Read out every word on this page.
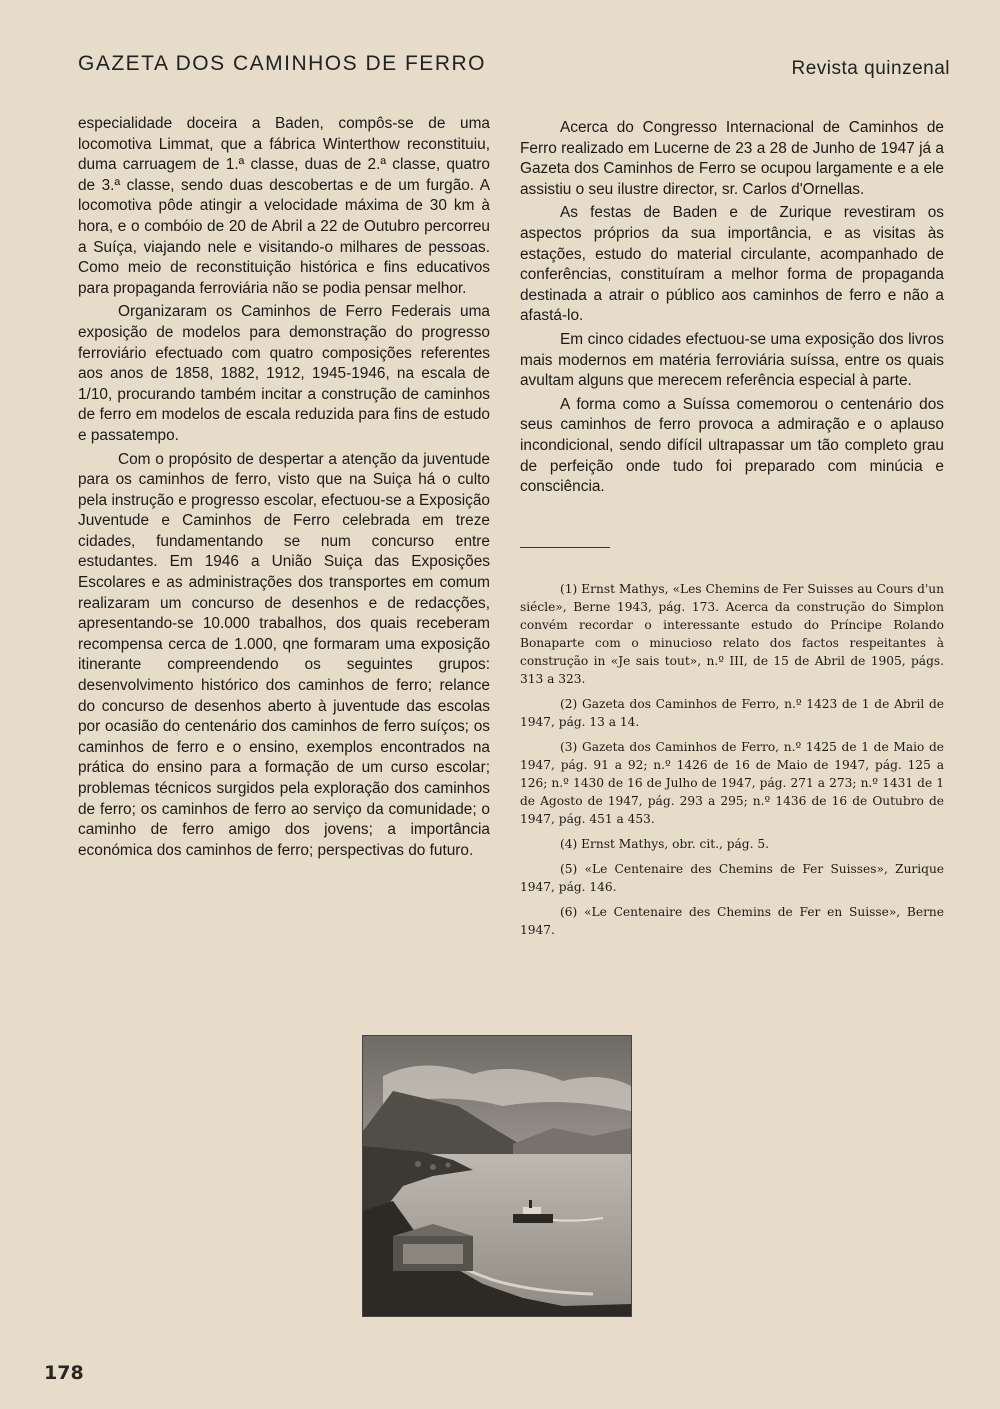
GAZETA DOS CAMINHOS DE FERRO	Revista quinzenal

especialidade doceira a Baden, compôs-se de uma locomotiva Limmat, que a fábrica Winterthow reconstituiu, duma carruagem de 1.ª classe, duas de 2.ª classe, quatro de 3.ª classe, sendo duas descobertas e de um furgão. A locomotiva pôde atingir a velocidade máxima de 30 km à hora, e o combóio de 20 de Abril a 22 de Outubro percorreu a Suíça, viajando nele e visitando-o milhares de pessoas. Como meio de reconstituição histórica e fins educativos para propaganda ferroviária não se podia pensar melhor.

Organizaram os Caminhos de Ferro Federais uma exposição de modelos para demonstração do progresso ferroviário efectuado com quatro composições referentes aos anos de 1858, 1882, 1912, 1945-1946, na escala de 1/10, procurando também incitar a construção de caminhos de ferro em modelos de escala reduzida para fins de estudo e passatempo.

Com o propósito de despertar a atenção da juventude para os caminhos de ferro, visto que na Suiça há o culto pela instrução e progresso escolar, efectuou-se a Exposição Juventude e Caminhos de Ferro celebrada em treze cidades, fundamentando se num concurso entre estudantes. Em 1946 a União Suiça das Exposições Escolares e as administrações dos transportes em comum realizaram um concurso de desenhos e de redacções, apresentando-se 10.000 trabalhos, dos quais receberam recompensa cerca de 1.000, qne formaram uma exposição itinerante compreendendo os seguintes grupos: desenvolvimento histórico dos caminhos de ferro; relance do concurso de desenhos aberto à juventude das escolas por ocasião do centenário dos caminhos de ferro suíços; os caminhos de ferro e o ensino, exemplos encontrados na prática do ensino para a formação de um curso escolar; problemas técnicos surgidos pela exploração dos caminhos de ferro; os caminhos de ferro ao serviço da comunidade; o caminho de ferro amigo dos jovens; a importância económica dos caminhos de ferro; perspectivas do futuro.

Acerca do Congresso Internacional de Caminhos de Ferro realizado em Lucerne de 23 a 28 de Junho de 1947 já a Gazeta dos Caminhos de Ferro se ocupou largamente e a ele assistiu o seu ilustre director, sr. Carlos d'Ornellas.

As festas de Baden e de Zurique revestiram os aspectos próprios da sua importância, e as visitas às estações, estudo do material circulante, acompanhado de conferências, constituíram a melhor forma de propaganda destinada a atrair o público aos caminhos de ferro e não a afastá-lo.

Em cinco cidades efectuou-se uma exposição dos livros mais modernos em matéria ferroviária suíssa, entre os quais avultam alguns que merecem referência especial à parte.

A forma como a Suíssa comemorou o centenário dos seus caminhos de ferro provoca a admiração e o aplauso incondicional, sendo difícil ultrapassar um tão completo grau de perfeição onde tudo foi preparado com minúcia e consciência.

(1) Ernst Mathys, «Les Chemins de Fer Suisses au Cours d'un siécle», Berne 1943, pág. 173. Acerca da construção do Simplon convém recordar o interessante estudo do Príncipe Rolando Bonaparte com o minucioso relato dos factos respeitantes à construção in «Je sais tout», n.º III, de 15 de Abril de 1905, págs. 313 a 323.

(2) Gazeta dos Caminhos de Ferro, n.º 1423 de 1 de Abril de 1947, pág. 13 a 14.

(3) Gazeta dos Caminhos de Ferro, n.º 1425 de 1 de Maio de 1947, pág. 91 a 92; n.º 1426 de 16 de Maio de 1947, pág. 125 a 126; n.º 1430 de 16 de Julho de 1947, pág. 271 a 273; n.º 1431 de 1 de Agosto de 1947, pág. 293 a 295; n.º 1436 de 16 de Outubro de 1947, pág. 451 a 453.

(4) Ernst Mathys, obr. cit., pág. 5.

(5) «Le Centenaire des Chemins de Fer Suisses», Zurique 1947, pág. 146.

(6) «Le Centenaire des Chemins de Fer en Suisse», Berne 1947.

178
